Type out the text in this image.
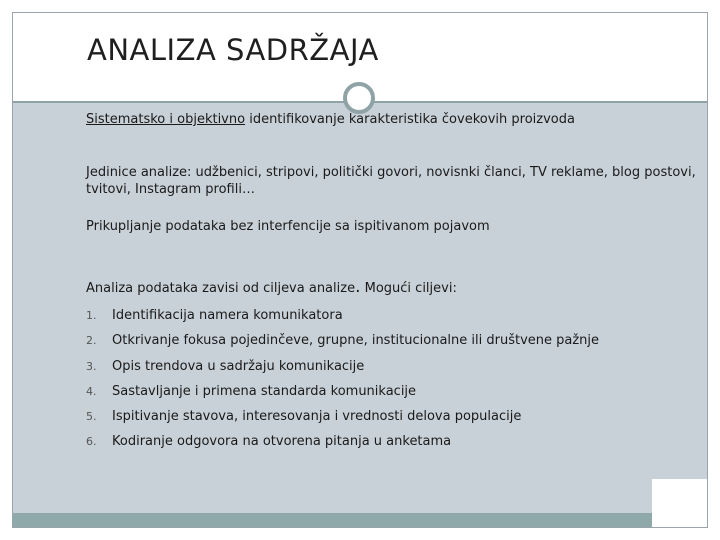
ANALIZA SADRŽAJA

Sistematsko i objektivno identifikovanje karakteristika čovekovih proizvoda

Jedinice analize: udžbenici, stripovi, politički govori, novisnki članci, TV reklame, blog postovi, tvitovi, Instagram profili…

Prikupljanje podataka bez interfencije sa ispitivanom pojavom

Analiza podataka zavisi od ciljeva analize. Mogući ciljevi:

1. Identifikacija namera komunikatora
2. Otkrivanje fokusa pojedinčeve, grupne, institucionalne ili društvene pažnje
3. Opis trendova u sadržaju komunikacije
4. Sastavljanje i primena standarda komunikacije
5. Ispitivanje stavova, interesovanja i vrednosti delova populacije
6. Kodiranje odgovora na otvorena pitanja u anketama
